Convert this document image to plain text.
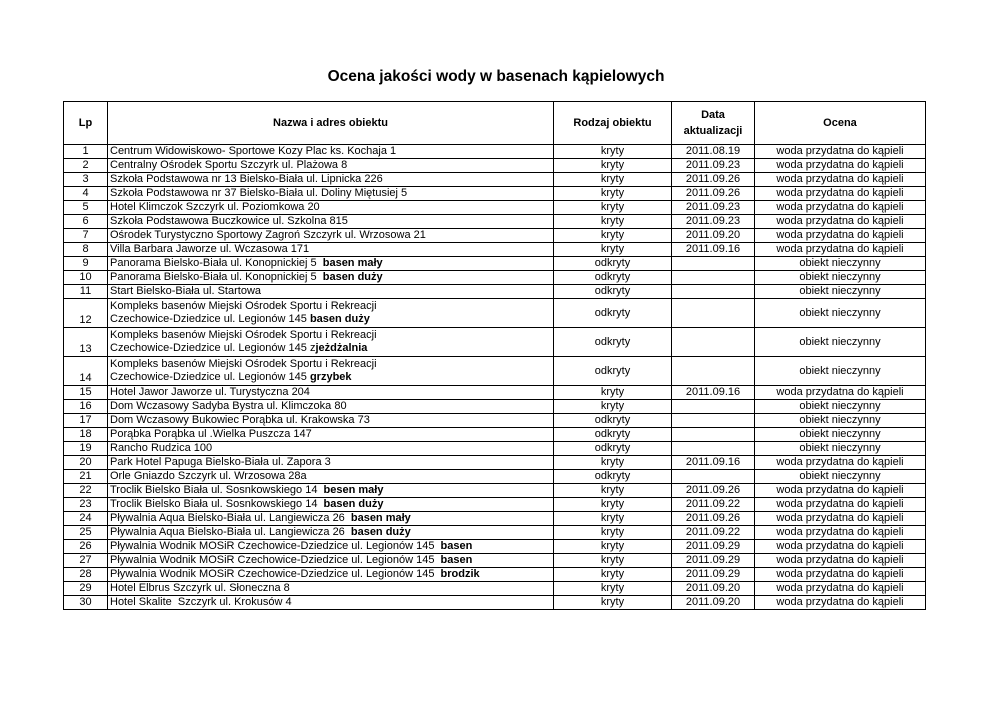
Ocena jakości wody w basenach kąpielowych
Lp	Nazwa i adres obiektu	Rodzaj obiektu	Data aktualizacji	Ocena
1	Centrum Widowiskowo- Sportowe Kozy Plac ks. Kochaja 1	kryty	2011.08.19	woda przydatna do kąpieli
2	Centralny Ośrodek Sportu Szczyrk ul. Plażowa 8	kryty	2011.09.23	woda przydatna do kąpieli
3	Szkoła Podstawowa nr 13 Bielsko-Biała ul. Lipnicka 226	kryty	2011.09.26	woda przydatna do kąpieli
4	Szkoła Podstawowa nr 37 Bielsko-Biała ul. Doliny Miętusiej 5	kryty	2011.09.26	woda przydatna do kąpieli
5	Hotel Klimczok Szczyrk ul. Poziomkowa 20	kryty	2011.09.23	woda przydatna do kąpieli
6	Szkoła Podstawowa Buczkowice ul. Szkolna 815	kryty	2011.09.23	woda przydatna do kąpieli
7	Ośrodek Turystyczno Sportowy Zagroń Szczyrk ul. Wrzosowa 21	kryty	2011.09.20	woda przydatna do kąpieli
8	Villa Barbara Jaworze ul. Wczasowa 171	kryty	2011.09.16	woda przydatna do kąpieli
9	Panorama Bielsko-Biała ul. Konopnickiej 5 basen mały	odkryty		obiekt nieczynny
10	Panorama Bielsko-Biała ul. Konopnickiej 5 basen duży	odkryty		obiekt nieczynny
11	Start Bielsko-Biała ul. Startowa	odkryty		obiekt nieczynny
12	Kompleks basenów Miejski Ośrodek Sportu i Rekreacji
Czechowice-Dziedzice ul. Legionów 145 basen duży	odkryty		obiekt nieczynny
13	Kompleks basenów Miejski Ośrodek Sportu i Rekreacji
Czechowice-Dziedzice ul. Legionów 145 zjeżdżalnia	odkryty		obiekt nieczynny
14	Kompleks basenów Miejski Ośrodek Sportu i Rekreacji
Czechowice-Dziedzice ul. Legionów 145 grzybek	odkryty		obiekt nieczynny
15	Hotel Jawor Jaworze ul. Turystyczna 204	kryty	2011.09.16	woda przydatna do kąpieli
16	Dom Wczasowy Sadyba Bystra ul. Klimczoka 80	kryty		obiekt nieczynny
17	Dom Wczasowy Bukowiec Porąbka ul. Krakowska 73	odkryty		obiekt nieczynny
18	Porąbka Porąbka ul .Wielka Puszcza 147	odkryty		obiekt nieczynny
19	Rancho Rudzica 100	odkryty		obiekt nieczynny
20	Park Hotel Papuga Bielsko-Biała ul. Zapora 3	kryty	2011.09.16	woda przydatna do kąpieli
21	Orle Gniazdo Szczyrk ul. Wrzosowa 28a	odkryty		obiekt nieczynny
22	Troclik Bielsko Biała ul. Sosnkowskiego 14 besen mały	kryty	2011.09.26	woda przydatna do kąpieli
23	Troclik Bielsko Biała ul. Sosnkowskiego 14 basen duży	kryty	2011.09.22	woda przydatna do kąpieli
24	Pływalnia Aqua Bielsko-Biała ul. Langiewicza 26 basen mały	kryty	2011.09.26	woda przydatna do kąpieli
25	Pływalnia Aqua Bielsko-Biała ul. Langiewicza 26 basen duży	kryty	2011.09.22	woda przydatna do kąpieli
26	Pływalnia Wodnik MOSiR Czechowice-Dziedzice ul. Legionów 145 basen	kryty	2011.09.29	woda przydatna do kąpieli
27	Pływalnia Wodnik MOSiR Czechowice-Dziedzice ul. Legionów 145 basen	kryty	2011.09.29	woda przydatna do kąpieli
28	Pływalnia Wodnik MOSiR Czechowice-Dziedzice ul. Legionów 145 brodzik	kryty	2011.09.29	woda przydatna do kąpieli
29	Hotel Elbrus Szczyrk ul. Słoneczna 8	kryty	2011.09.20	woda przydatna do kąpieli
30	Hotel Skalite  Szczyrk ul. Krokusów 4	kryty	2011.09.20	woda przydatna do kąpieli
